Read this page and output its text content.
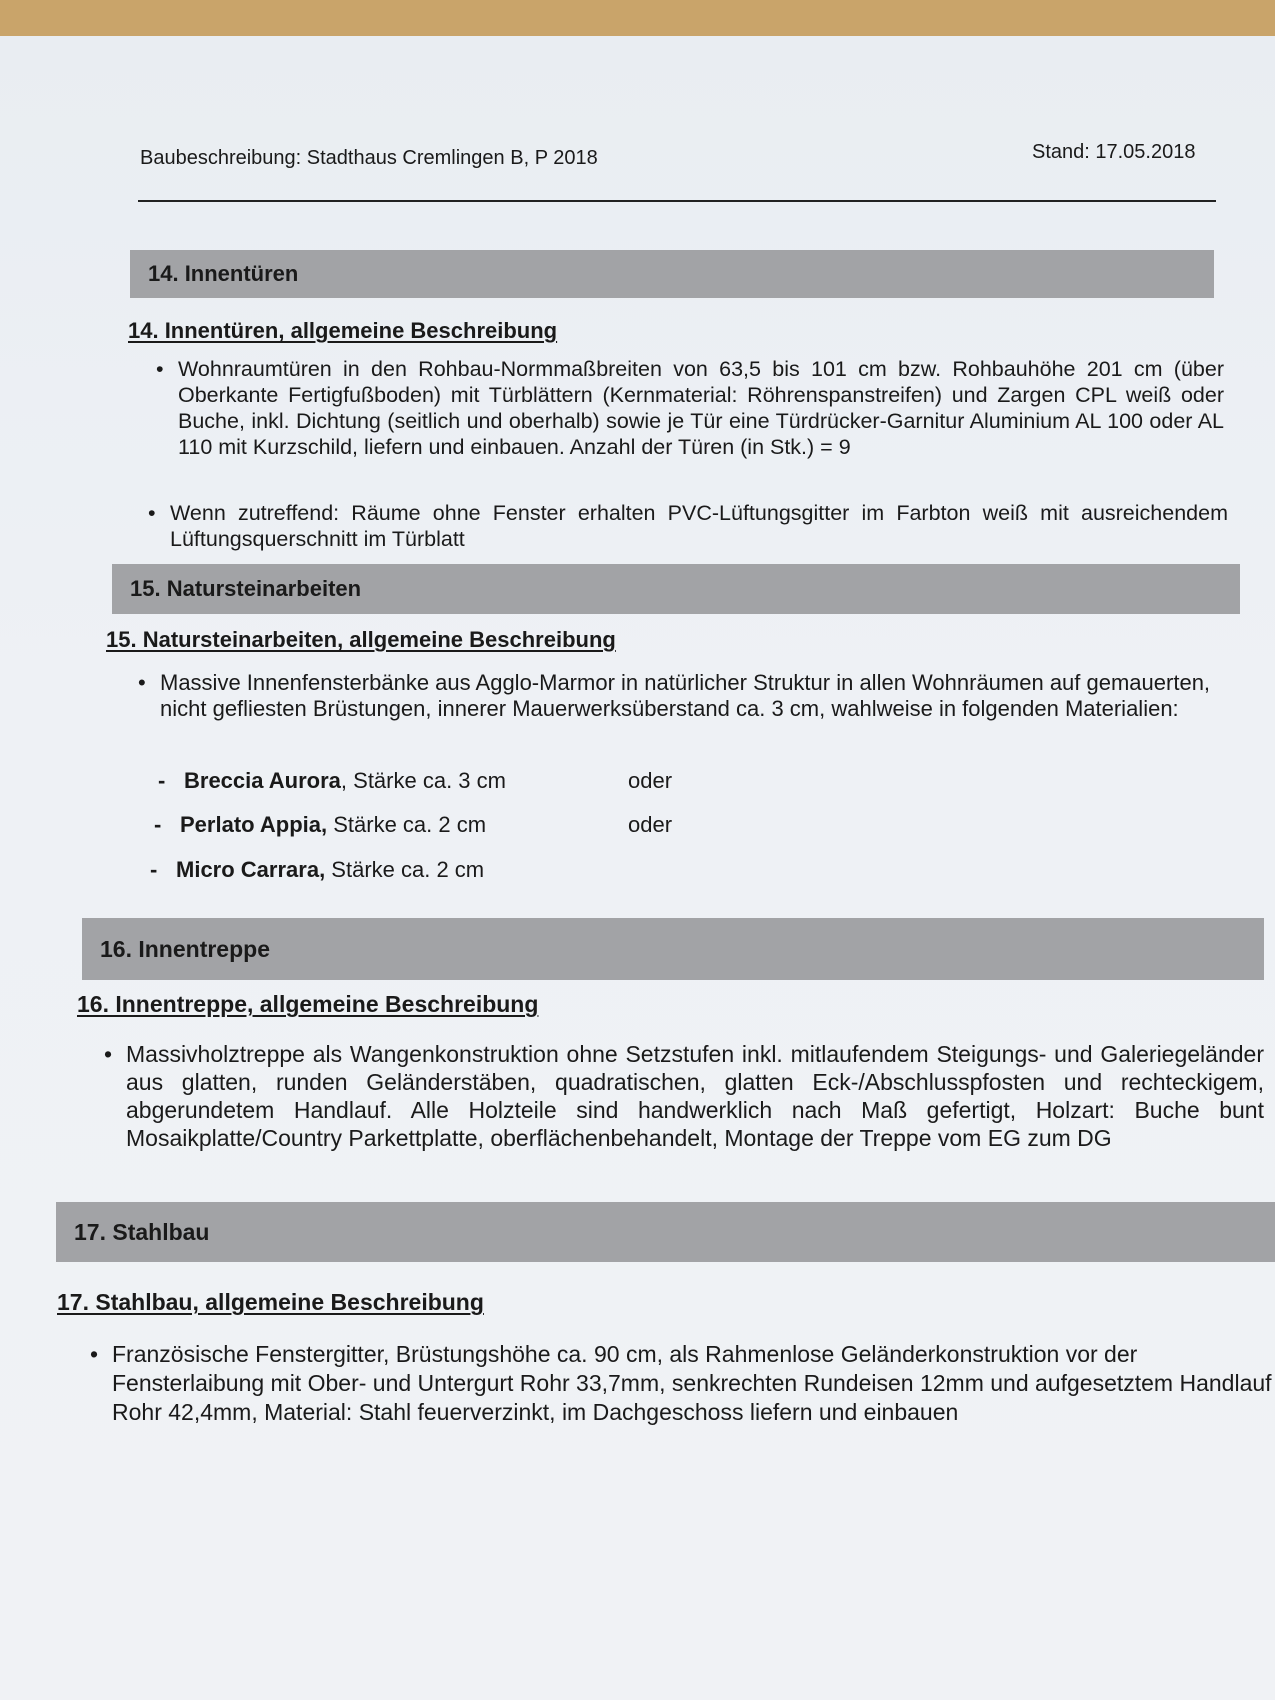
Baubeschreibung: Stadthaus Cremlingen B, P 2018	Stand: 17.05.2018
14. Innentüren
14. Innentüren, allgemeine Beschreibung
• Wohnraumtüren in den Rohbau-Normmaßbreiten von 63,5 bis 101 cm bzw. Rohbauhöhe 201 cm (über Oberkante Fertigfußboden) mit Türblättern (Kernmaterial: Röhrenspanstreifen) und Zargen CPL weiß oder Buche, inkl. Dichtung (seitlich und oberhalb) sowie je Tür eine Türdrücker-Garnitur Aluminium AL 100 oder AL 110 mit Kurzschild, liefern und einbauen. Anzahl der Türen (in Stk.) = 9
• Wenn zutreffend: Räume ohne Fenster erhalten PVC-Lüftungsgitter im Farbton weiß mit ausreichendem Lüftungsquerschnitt im Türblatt
15. Natursteinarbeiten
15. Natursteinarbeiten, allgemeine Beschreibung
• Massive Innenfensterbänke aus Agglo-Marmor in natürlicher Struktur in allen Wohnräumen auf gemauerten, nicht gefliesten Brüstungen, innerer Mauerwerksüberstand ca. 3 cm, wahlweise in folgenden Materialien:
- Breccia Aurora, Stärke ca. 3 cm	oder
- Perlato Appia, Stärke ca. 2 cm	oder
- Micro Carrara, Stärke ca. 2 cm
16. Innentreppe
16. Innentreppe, allgemeine Beschreibung
• Massivholztreppe als Wangenkonstruktion ohne Setzstufen inkl. mitlaufendem Steigungs- und Galeriegeländer aus glatten, runden Geländerstäben, quadratischen, glatten Eck-/Abschlusspfosten und rechteckigem, abgerundetem Handlauf. Alle Holzteile sind handwerklich nach Maß gefertigt, Holzart: Buche bunt Mosaikplatte/Country Parkettplatte, oberflächenbehandelt, Montage der Treppe vom EG zum DG
17. Stahlbau
17. Stahlbau, allgemeine Beschreibung
• Französische Fenstergitter, Brüstungshöhe ca. 90 cm, als Rahmenlose Geländerkonstruktion vor der Fensterlaibung mit Ober- und Untergurt Rohr 33,7mm, senkrechten Rundeisen 12mm und aufgesetztem Handlauf Rohr 42,4mm, Material: Stahl feuerverzinkt, im Dachgeschoss liefern und einbauen
